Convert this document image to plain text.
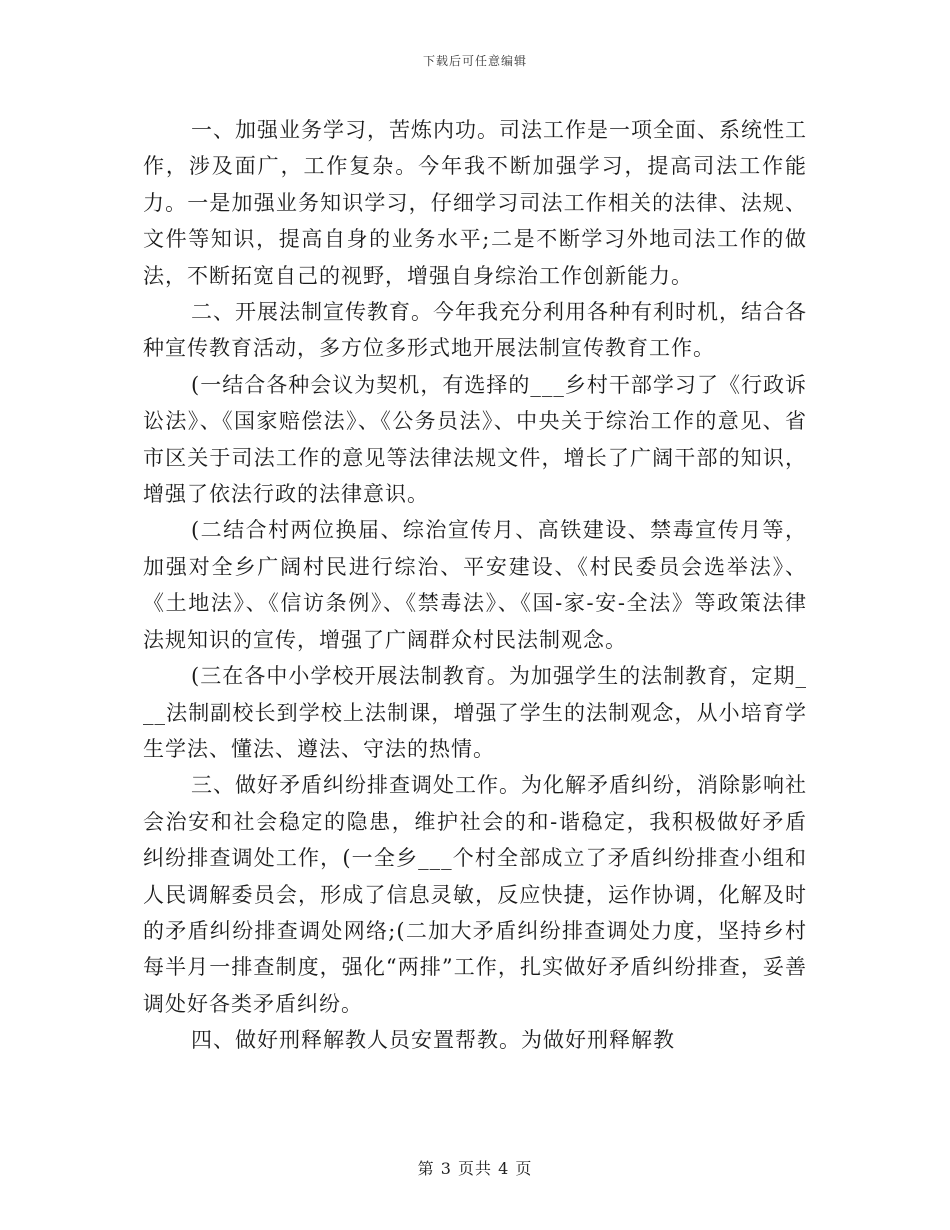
下载后可任意编辑

一、加强业务学习，苦炼内功。司法工作是一项全面、系统性工作，涉及面广，工作复杂。今年我不断加强学习，提高司法工作能力。一是加强业务知识学习，仔细学习司法工作相关的法律、法规、文件等知识，提高自身的业务水平;二是不断学习外地司法工作的做法，不断拓宽自己的视野，增强自身综治工作创新能力。

二、开展法制宣传教育。今年我充分利用各种有利时机，结合各种宣传教育活动，多方位多形式地开展法制宣传教育工作。

(一结合各种会议为契机，有选择的___乡村干部学习了《行政诉讼法》、《国家赔偿法》、《公务员法》、中央关于综治工作的意见、省市区关于司法工作的意见等法律法规文件，增长了广阔干部的知识，增强了依法行政的法律意识。

(二结合村两位换届、综治宣传月、高铁建设、禁毒宣传月等，加强对全乡广阔村民进行综治、平安建设、《村民委员会选举法》、《土地法》、《信访条例》、《禁毒法》、《国-家-安-全法》等政策法律法规知识的宣传，增强了广阔群众村民法制观念。

(三在各中小学校开展法制教育。为加强学生的法制教育，定期___法制副校长到学校上法制课，增强了学生的法制观念，从小培育学生学法、懂法、遵法、守法的热情。

三、做好矛盾纠纷排查调处工作。为化解矛盾纠纷，消除影响社会治安和社会稳定的隐患，维护社会的和-谐稳定，我积极做好矛盾纠纷排查调处工作，(一全乡___个村全部成立了矛盾纠纷排查小组和人民调解委员会，形成了信息灵敏，反应快捷，运作协调，化解及时的矛盾纠纷排查调处网络;(二加大矛盾纠纷排查调处力度，坚持乡村每半月一排查制度，强化“两排”工作，扎实做好矛盾纠纷排查，妥善调处好各类矛盾纠纷。

四、做好刑释解教人员安置帮教。为做好刑释解教

第 3 页共 4 页
